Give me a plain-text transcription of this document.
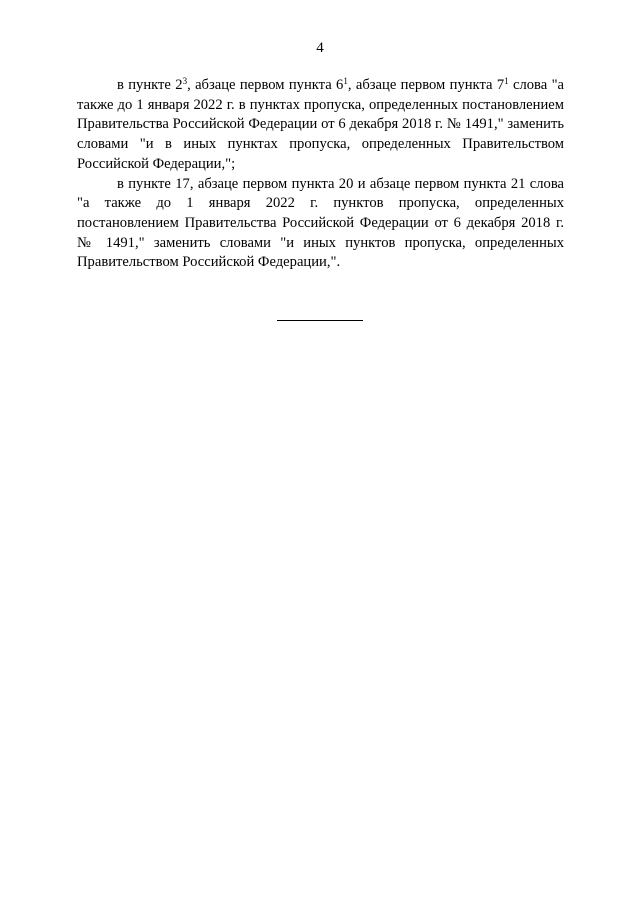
4

в пункте $2^3$, абзаце первом пункта $6^1$, абзаце первом пункта $7^1$ слова "а также до 1 января 2022 г. в пунктах пропуска, определенных постановлением Правительства Российской Федерации от 6 декабря 2018 г. № 1491," заменить словами "и в иных пунктах пропуска, определенных Правительством Российской Федерации,";

в пункте 17, абзаце первом пункта 20 и абзаце первом пункта 21 слова "а также до 1 января 2022 г. пунктов пропуска, определенных постановлением Правительства Российской Федерации от 6 декабря 2018 г. № 1491," заменить словами "и иных пунктов пропуска, определенных Правительством Российской Федерации,".
